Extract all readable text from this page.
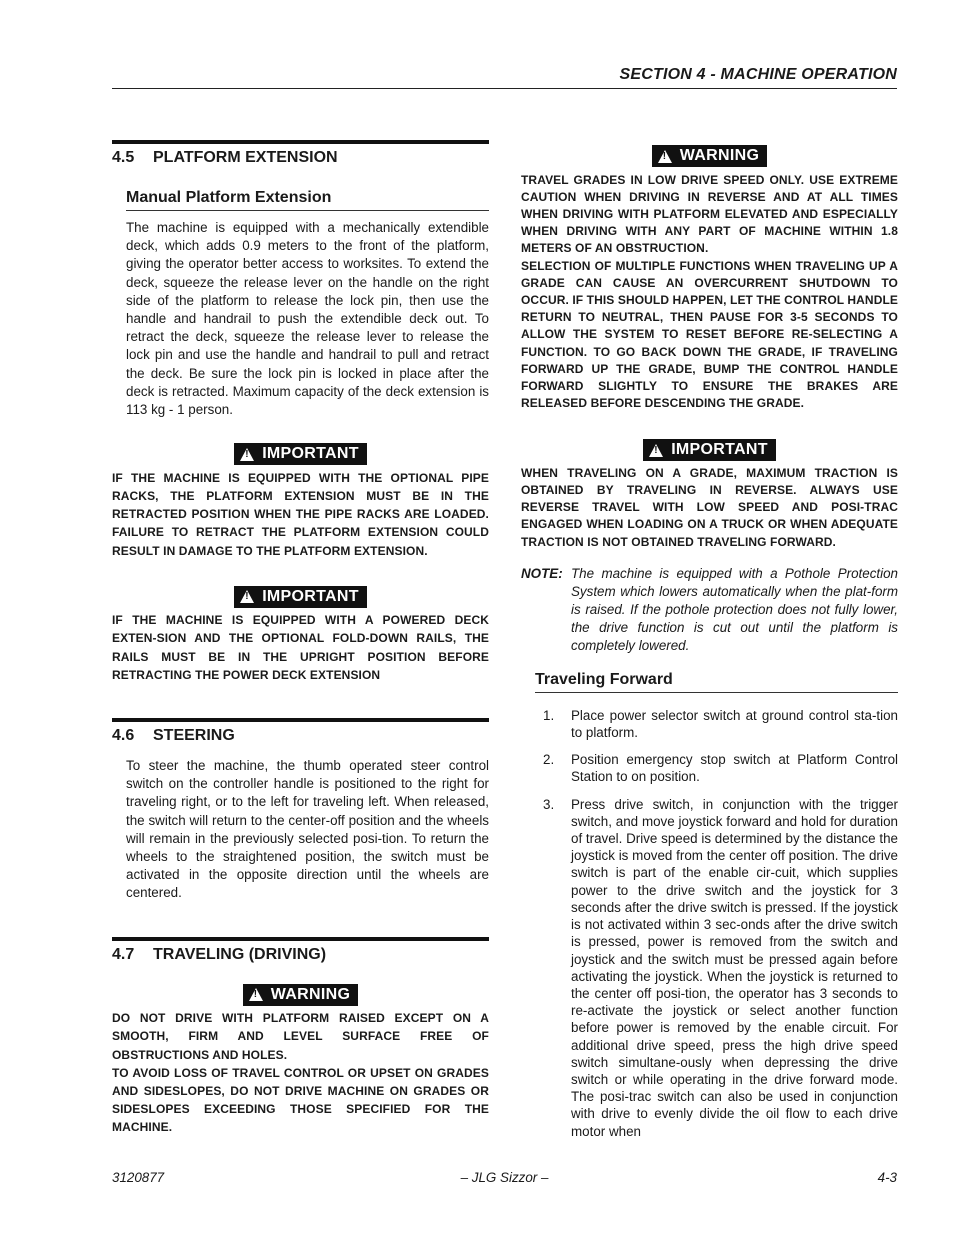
SECTION 4 - MACHINE OPERATION
4.5	PLATFORM EXTENSION
Manual Platform Extension
The machine is equipped with a mechanically extendible deck, which adds 0.9 meters to the front of the platform, giving the operator better access to worksites. To extend the deck, squeeze the release lever on the handle on the right side of the platform to release the lock pin, then use the handle and handrail to push the extendible deck out. To retract the deck, squeeze the release lever to release the lock pin and use the handle and handrail to pull and retract the deck. Be sure the lock pin is locked in place after the deck is retracted. Maximum capacity of the deck extension is 113 kg - 1 person.
!
IMPORTANT
IF THE MACHINE IS EQUIPPED WITH THE OPTIONAL PIPE RACKS, THE PLATFORM EXTENSION MUST BE IN THE RETRACTED POSITION WHEN THE PIPE RACKS ARE LOADED. FAILURE TO RETRACT THE PLATFORM EXTENSION COULD RESULT IN DAMAGE TO THE PLATFORM EXTENSION.
!
IMPORTANT
IF THE MACHINE IS EQUIPPED WITH A POWERED DECK EXTEN-SION AND THE OPTIONAL FOLD-DOWN RAILS, THE RAILS MUST BE IN THE UPRIGHT POSITION BEFORE RETRACTING THE POWER DECK EXTENSION
4.6	STEERING
To steer the machine, the thumb operated steer control switch on the controller handle is positioned to the right for traveling right, or to the left for traveling left. When released, the switch will return to the center-off position and the wheels will remain in the previously selected posi-tion. To return the wheels to the straightened position, the switch must be activated in the opposite direction until the wheels are centered.
4.7	TRAVELING (DRIVING)
!
WARNING
DO NOT DRIVE WITH PLATFORM RAISED EXCEPT ON A SMOOTH, FIRM AND LEVEL SURFACE FREE OF OBSTRUCTIONS AND HOLES.
TO AVOID LOSS OF TRAVEL CONTROL OR UPSET ON GRADES AND SIDESLOPES, DO NOT DRIVE MACHINE ON GRADES OR SIDESLOPES EXCEEDING THOSE SPECIFIED FOR THE MACHINE.
!
WARNING
TRAVEL GRADES IN LOW DRIVE SPEED ONLY. USE EXTREME CAUTION WHEN DRIVING IN REVERSE AND AT ALL TIMES WHEN DRIVING WITH PLATFORM ELEVATED AND ESPECIALLY WHEN DRIVING WITH ANY PART OF MACHINE WITHIN 1.8 METERS OF AN OBSTRUCTION.
SELECTION OF MULTIPLE FUNCTIONS WHEN TRAVELING UP A GRADE CAN CAUSE AN OVERCURRENT SHUTDOWN TO OCCUR. IF THIS SHOULD HAPPEN, LET THE CONTROL HANDLE RETURN TO NEUTRAL, THEN PAUSE FOR 3-5 SECONDS TO ALLOW THE SYSTEM TO RESET BEFORE RE-SELECTING A FUNCTION. TO GO BACK DOWN THE GRADE, IF TRAVELING FORWARD UP THE GRADE, BUMP THE CONTROL HANDLE FORWARD SLIGHTLY TO ENSURE THE BRAKES ARE RELEASED BEFORE DESCENDING THE GRADE.
!
IMPORTANT
WHEN TRAVELING ON A GRADE, MAXIMUM TRACTION IS OBTAINED BY TRAVELING IN REVERSE. ALWAYS USE REVERSE TRAVEL WITH LOW SPEED AND POSI-TRAC ENGAGED WHEN LOADING ON A TRUCK OR WHEN ADEQUATE TRACTION IS NOT OBTAINED TRAVELING FORWARD.
NOTE: The machine is equipped with a Pothole Protection System which lowers automatically when the plat-form is raised. If the pothole protection does not fully lower, the drive function is cut out until the platform is completely lowered.
Traveling Forward
1.	Place power selector switch at ground control sta-tion to platform.
2.	Position emergency stop switch at Platform Control Station to on position.
3.	Press drive switch, in conjunction with the trigger switch, and move joystick forward and hold for duration of travel. Drive speed is determined by the distance the joystick is moved from the center off position. The drive switch is part of the enable cir-cuit, which supplies power to the drive switch and the joystick for 3 seconds after the drive switch is pressed. If the joystick is not activated within 3 sec-onds after the drive switch is pressed, power is removed from the switch and joystick and the switch must be pressed again before activating the joystick. When the joystick is returned to the center off posi-tion, the operator has 3 seconds to re-activate the joystick or select another function before power is removed by the enable circuit. For additional drive speed, press the high drive speed switch simultane-ously when depressing the drive switch or while operating in the drive forward mode. The posi-trac switch can also be used in conjunction with drive to evenly divide the oil flow to each drive motor when
3120877	– JLG Sizzor –	4-3
